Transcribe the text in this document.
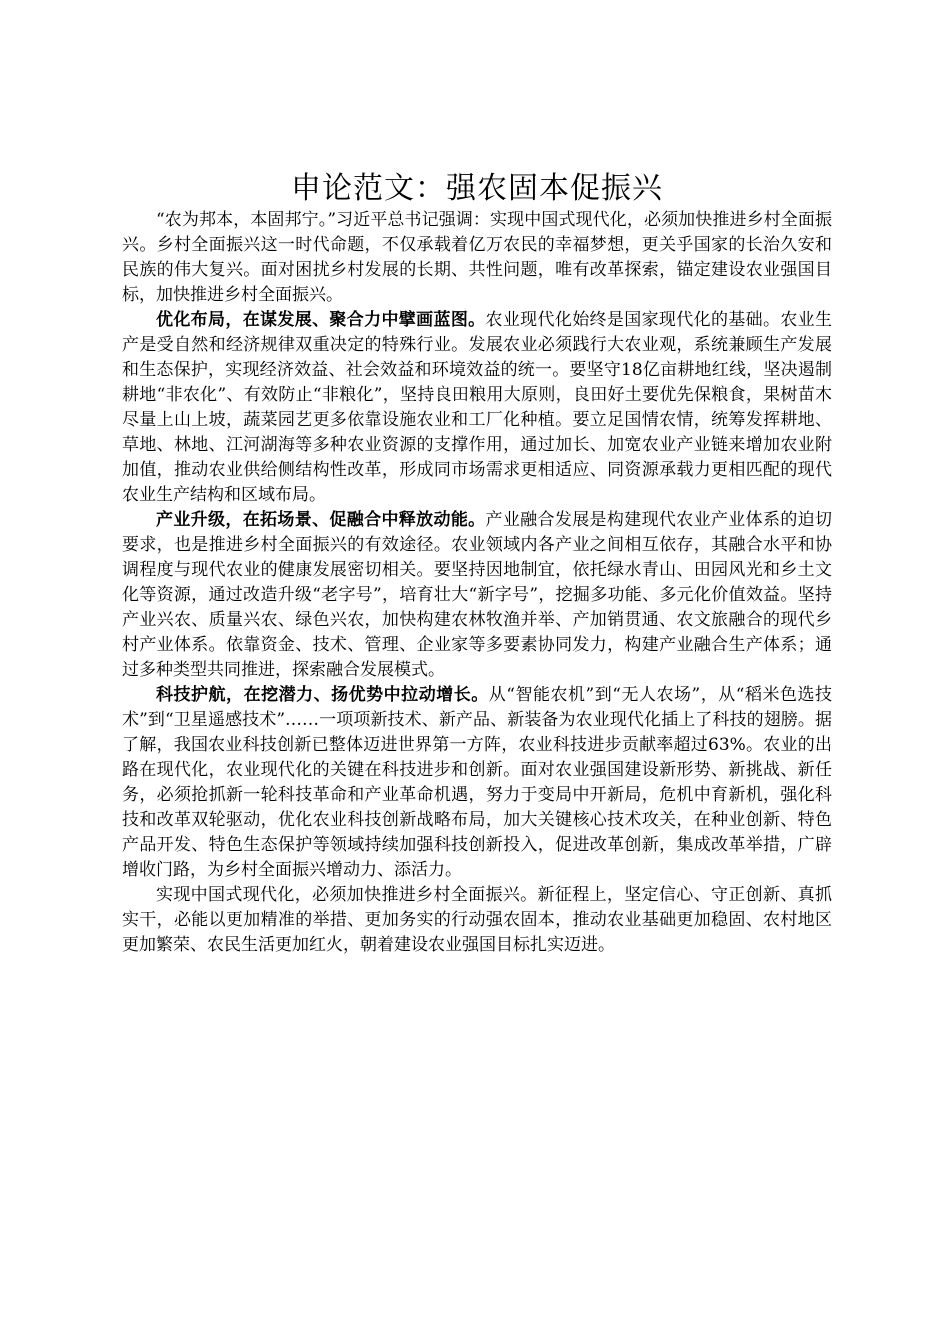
申论范文：强农固本促振兴

“农为邦本，本固邦宁。”习近平总书记强调：实现中国式现代化，必须加快推进乡村全面振兴。乡村全面振兴这一时代命题，不仅承载着亿万农民的幸福梦想，更关乎国家的长治久安和民族的伟大复兴。面对困扰乡村发展的长期、共性问题，唯有改革探索，锚定建设农业强国目标，加快推进乡村全面振兴。

优化布局，在谋发展、聚合力中擘画蓝图。农业现代化始终是国家现代化的基础。农业生产是受自然和经济规律双重决定的特殊行业。发展农业必须践行大农业观，系统兼顾生产发展和生态保护，实现经济效益、社会效益和环境效益的统一。要坚守18亿亩耕地红线，坚决遏制耕地“非农化”、有效防止“非粮化”，坚持良田粮用大原则，良田好土要优先保粮食，果树苗木尽量上山上坡，蔬菜园艺更多依靠设施农业和工厂化种植。要立足国情农情，统筹发挥耕地、草地、林地、江河湖海等多种农业资源的支撑作用，通过加长、加宽农业产业链来增加农业附加值，推动农业供给侧结构性改革，形成同市场需求更相适应、同资源承载力更相匹配的现代农业生产结构和区域布局。

产业升级，在拓场景、促融合中释放动能。产业融合发展是构建现代农业产业体系的迫切要求，也是推进乡村全面振兴的有效途径。农业领域内各产业之间相互依存，其融合水平和协调程度与现代农业的健康发展密切相关。要坚持因地制宜，依托绿水青山、田园风光和乡土文化等资源，通过改造升级“老字号”，培育壮大“新字号”，挖掘多功能、多元化价值效益。坚持产业兴农、质量兴农、绿色兴农，加快构建农林牧渔并举、产加销贯通、农文旅融合的现代乡村产业体系。依靠资金、技术、管理、企业家等多要素协同发力，构建产业融合生产体系；通过多种类型共同推进，探索融合发展模式。

科技护航，在挖潜力、扬优势中拉动增长。从“智能农机”到“无人农场”，从“稻米色选技术”到“卫星遥感技术”……一项项新技术、新产品、新装备为农业现代化插上了科技的翅膀。据了解，我国农业科技创新已整体迈进世界第一方阵，农业科技进步贡献率超过63%。农业的出路在现代化，农业现代化的关键在科技进步和创新。面对农业强国建设新形势、新挑战、新任务，必须抢抓新一轮科技革命和产业革命机遇，努力于变局中开新局，危机中育新机，强化科技和改革双轮驱动，优化农业科技创新战略布局，加大关键核心技术攻关，在种业创新、特色产品开发、特色生态保护等领域持续加强科技创新投入，促进改革创新，集成改革举措，广辟增收门路，为乡村全面振兴增动力、添活力。

实现中国式现代化，必须加快推进乡村全面振兴。新征程上，坚定信心、守正创新、真抓实干，必能以更加精准的举措、更加务实的行动强农固本，推动农业基础更加稳固、农村地区更加繁荣、农民生活更加红火，朝着建设农业强国目标扎实迈进。
